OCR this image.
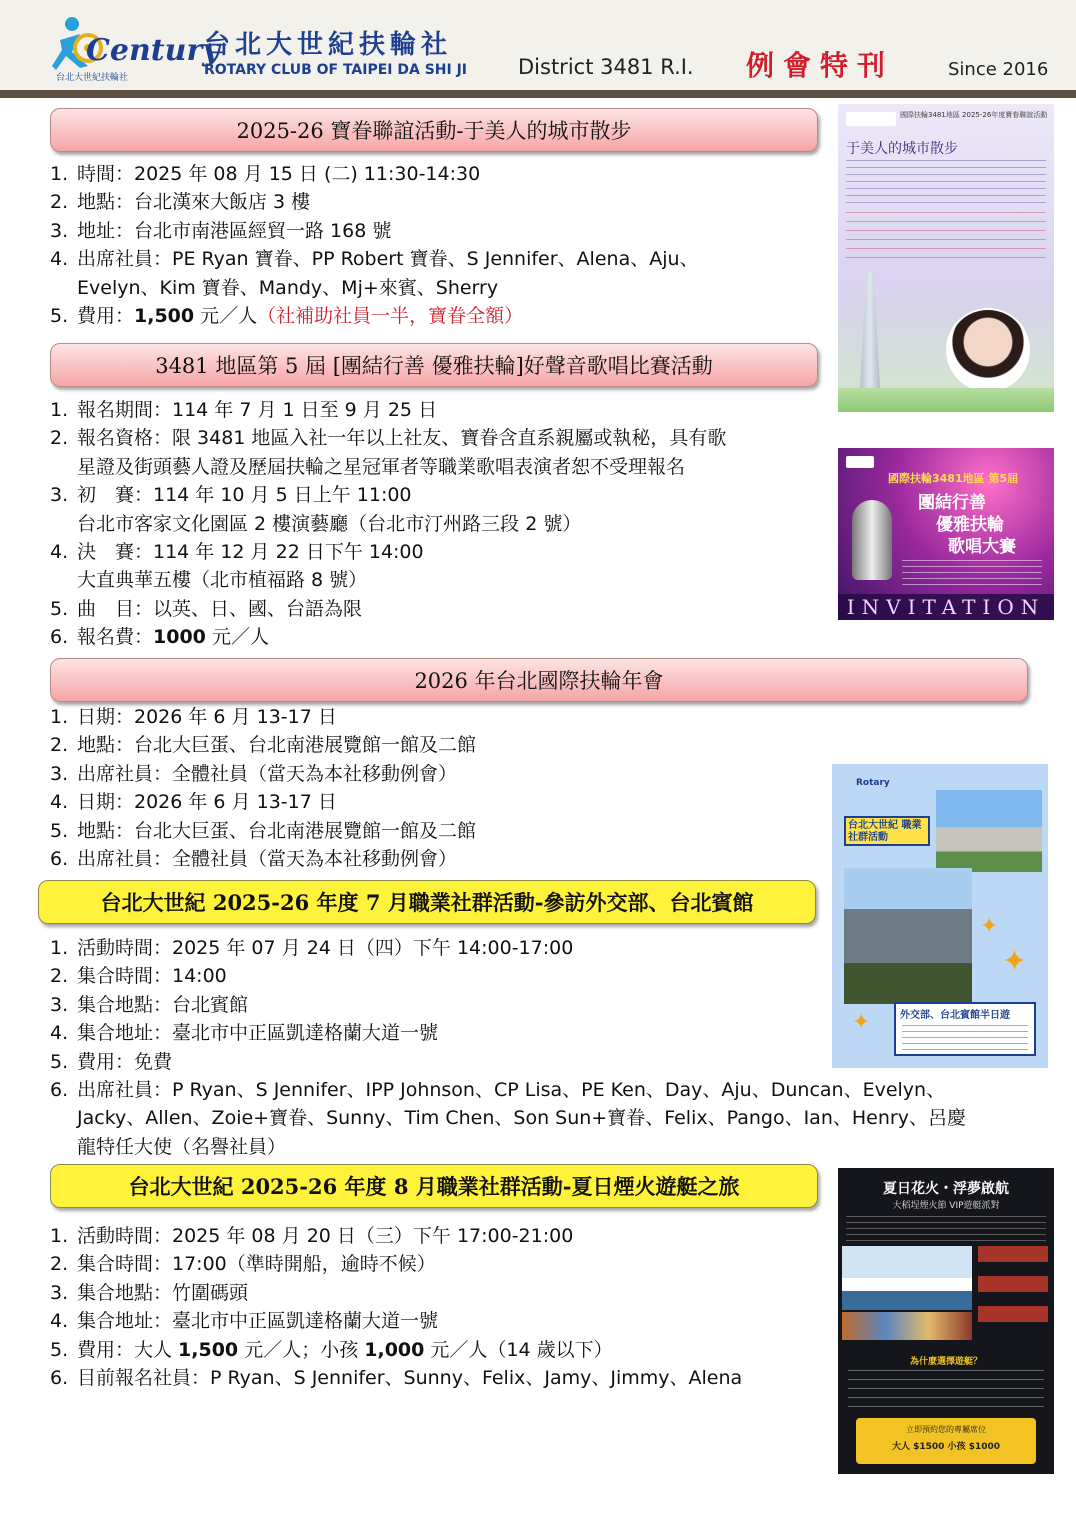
Century
台北大世紀扶輪社
台北大世紀扶輪社
ROTARY CLUB OF TAIPEI DA SHI JI District 3481 R.I. 例會特刊	Since 2016
2025-26 寶眷聯誼活動-于美人的城市散步
1. 時間：2025 年 08 月 15 日 (二) 11:30-14:30
2. 地點：台北漢來大飯店 3 樓
3. 地址：台北市南港區經貿一路 168 號
4. 出席社員：PE Ryan 寶眷、PP Robert 寶眷、S Jennifer、Alena、Aju、
Evelyn、Kim 寶眷、Mandy、Mj+來賓、Sherry
5. 費用：1,500 元／人（社補助社員一半，寶眷全額）
國際扶輪3481地區 2025-26年度寶眷聯誼活動
于美人的城市散步
3481 地區第 5 屆 [團結行善 優雅扶輪]好聲音歌唱比賽活動
1. 報名期間：114 年 7 月 1 日至 9 月 25 日
2. 報名資格：限 3481 地區入社一年以上社友、寶眷含直系親屬或執秘，具有歌
星證及街頭藝人證及歷屆扶輪之星冠軍者等職業歌唱表演者恕不受理報名
3. 初　賽：114 年 10 月 5 日上午 11:00
台北市客家文化園區 2 樓演藝廳（台北市汀州路三段 2 號）
4. 決　賽：114 年 12 月 22 日下午 14:00
大直典華五樓（北市植福路 8 號）
5. 曲　目：以英、日、國、台語為限
6. 報名費：1000 元／人
國際扶輪3481地區 第5屆
團結行善
優雅扶輪
歌唱大賽
INVITATION
2026 年台北國際扶輪年會
1. 日期：2026 年 6 月 13-17 日
2. 地點：台北大巨蛋、台北南港展覽館一館及二館
3. 出席社員：全體社員（當天為本社移動例會）
4. 日期：2026 年 6 月 13-17 日
5. 地點：台北大巨蛋、台北南港展覽館一館及二館
6. 出席社員：全體社員（當天為本社移動例會）
Rotary
台北大世紀 職業社群活動
✦
✦
✦	外交部、台北賓館半日遊
台北大世紀 2025-26 年度 7 月職業社群活動-參訪外交部、台北賓館
1. 活動時間：2025 年 07 月 24 日（四）下午 14:00-17:00
2. 集合時間：14:00
3. 集合地點：台北賓館
4. 集合地址：臺北市中正區凱達格蘭大道一號
5. 費用：免費
6. 出席社員：P Ryan、S Jennifer、IPP Johnson、CP Lisa、PE Ken、Day、Aju、Duncan、Evelyn、
Jacky、Allen、Zoie+寶眷、Sunny、Tim Chen、Son Sun+寶眷、Felix、Pango、Ian、Henry、呂慶
龍特任大使（名譽社員）
台北大世紀 2025-26 年度 8 月職業社群活動-夏日煙火遊艇之旅
1. 活動時間：2025 年 08 月 20 日（三）下午 17:00-21:00
2. 集合時間：17:00（準時開船，逾時不候）
3. 集合地點：竹圍碼頭
4. 集合地址：臺北市中正區凱達格蘭大道一號
5. 費用：大人 1,500 元／人；小孩 1,000 元／人（14 歲以下）
6. 目前報名社員：P Ryan、S Jennifer、Sunny、Felix、Jamy、Jimmy、Alena
夏日花火・浮夢啟航
大稻埕煙火節 VIP遊艇派對
為什麼選擇遊艇？
立即預約您的專屬席位
大人 $1500 小孩 $1000
